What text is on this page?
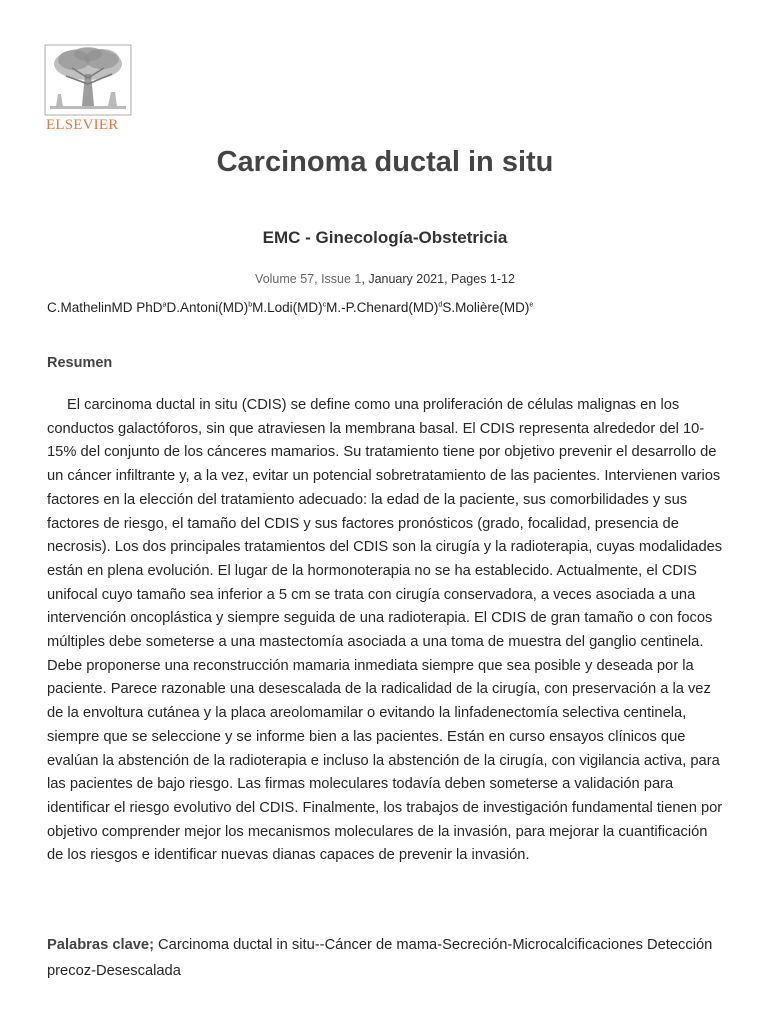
ELSEVIER
Carcinoma ductal in situ
EMC - Ginecología-Obstetricia
Volume 57, Issue 1, January 2021, Pages 1-12
C.MathelinMD PhD$^a$D.Antoni(MD)$^b$M.Lodi(MD)$^c$M.-P.Chenard(MD)$^d$S.Molière(MD)$^e$
Resumen

El carcinoma ductal in situ (CDIS) se define como una proliferación de células malignas en los conductos galactóforos, sin que atraviesen la membrana basal. El CDIS representa alrededor del 10-15% del conjunto de los cánceres mamarios. Su tratamiento tiene por objetivo prevenir el desarrollo de un cáncer infiltrante y, a la vez, evitar un potencial sobretratamiento de las pacientes. Intervienen varios factores en la elección del tratamiento adecuado: la edad de la paciente, sus comorbilidades y sus factores de riesgo, el tamaño del CDIS y sus factores pronósticos (grado, focalidad, presencia de necrosis). Los dos principales tratamientos del CDIS son la cirugía y la radioterapia, cuyas modalidades están en plena evolución. El lugar de la hormonoterapia no se ha establecido. Actualmente, el CDIS unifocal cuyo tamaño sea inferior a 5 cm se trata con cirugía conservadora, a veces asociada a una intervención oncoplástica y siempre seguida de una radioterapia. El CDIS de gran tamaño o con focos múltiples debe someterse a una mastectomía asociada a una toma de muestra del ganglio centinela. Debe proponerse una reconstrucción mamaria inmediata siempre que sea posible y deseada por la paciente. Parece razonable una desescalada de la radicalidad de la cirugía, con preservación a la vez de la envoltura cutánea y la placa areolomamilar o evitando la linfadenectomía selectiva centinela, siempre que se seleccione y se informe bien a las pacientes. Están en curso ensayos clínicos que evalúan la abstención de la radioterapia e incluso la abstención de la cirugía, con vigilancia activa, para las pacientes de bajo riesgo. Las firmas moleculares todavía deben someterse a validación para identificar el riesgo evolutivo del CDIS. Finalmente, los trabajos de investigación fundamental tienen por objetivo comprender mejor los mecanismos moleculares de la invasión, para mejorar la cuantificación de los riesgos e identificar nuevas dianas capaces de prevenir la invasión.

Palabras clave; Carcinoma ductal in situ--Cáncer de mama-Secreción-Microcalcificaciones Detección precoz-Desescalada
